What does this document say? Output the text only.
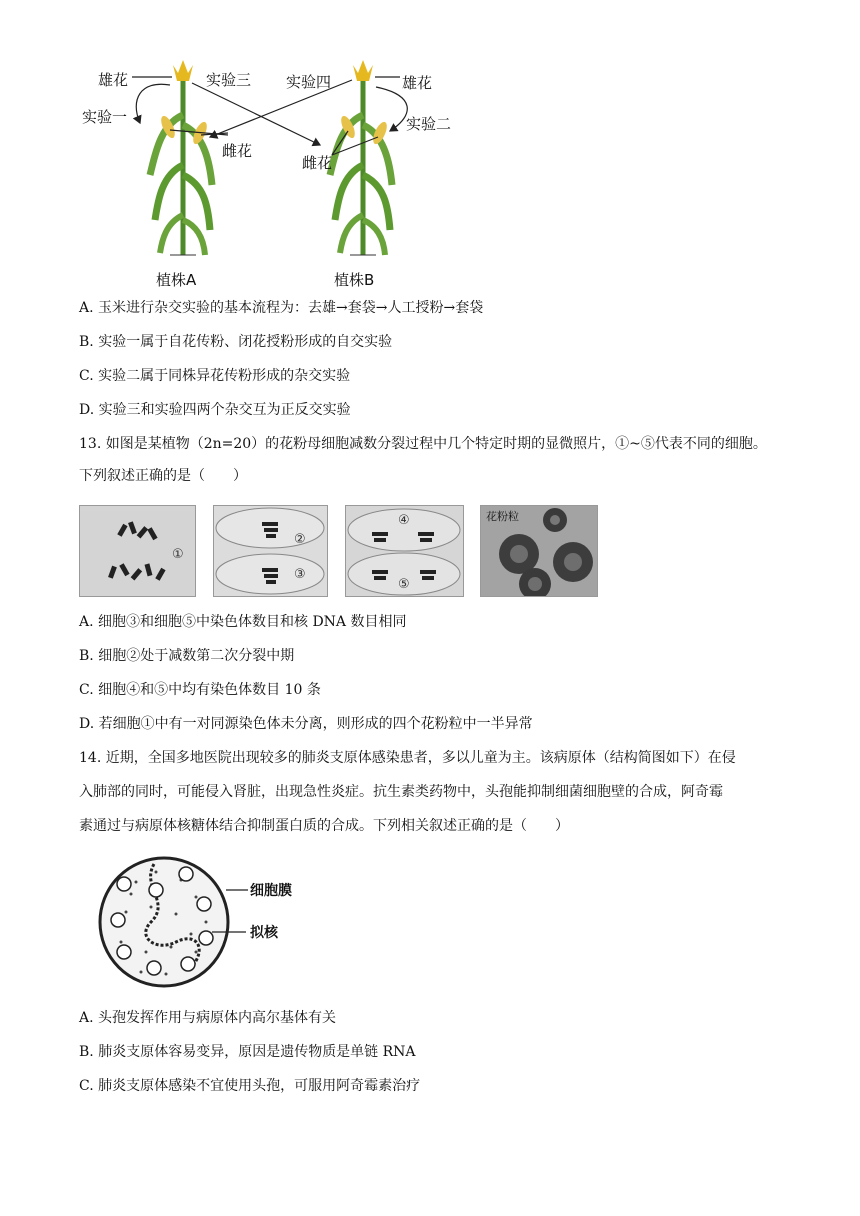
雄花	实验三
实验一
雌花
植株A
实验四	雄花
实验二
雌花
植株B
A. 玉米进行杂交实验的基本流程为：去雄→套袋→人工授粉→套袋
B. 实验一属于自花传粉、闭花授粉形成的自交实验
C. 实验二属于同株异花传粉形成的杂交实验
D. 实验三和实验四两个杂交互为正反交实验
13. 如图是某植物（2n=20）的花粉母细胞减数分裂过程中几个特定时期的显微照片，①~⑤代表不同的细胞。
下列叙述正确的是（　　）
①
②
③
④
⑤
花粉粒
A. 细胞③和细胞⑤中染色体数目和核 DNA 数目相同
B. 细胞②处于减数第二次分裂中期
C. 细胞④和⑤中均有染色体数目 10 条
D. 若细胞①中有一对同源染色体未分离，则形成的四个花粉粒中一半异常
14. 近期，全国多地医院出现较多的肺炎支原体感染患者，多以儿童为主。该病原体（结构简图如下）在侵
入肺部的同时，可能侵入肾脏，出现急性炎症。抗生素类药物中，头孢能抑制细菌细胞壁的合成，阿奇霉
素通过与病原体核糖体结合抑制蛋白质的合成。下列相关叙述正确的是（　　）
细胞膜
拟核
A. 头孢发挥作用与病原体内高尔基体有关
B. 肺炎支原体容易变异，原因是遗传物质是单链 RNA
C. 肺炎支原体感染不宜使用头孢，可服用阿奇霉素治疗
